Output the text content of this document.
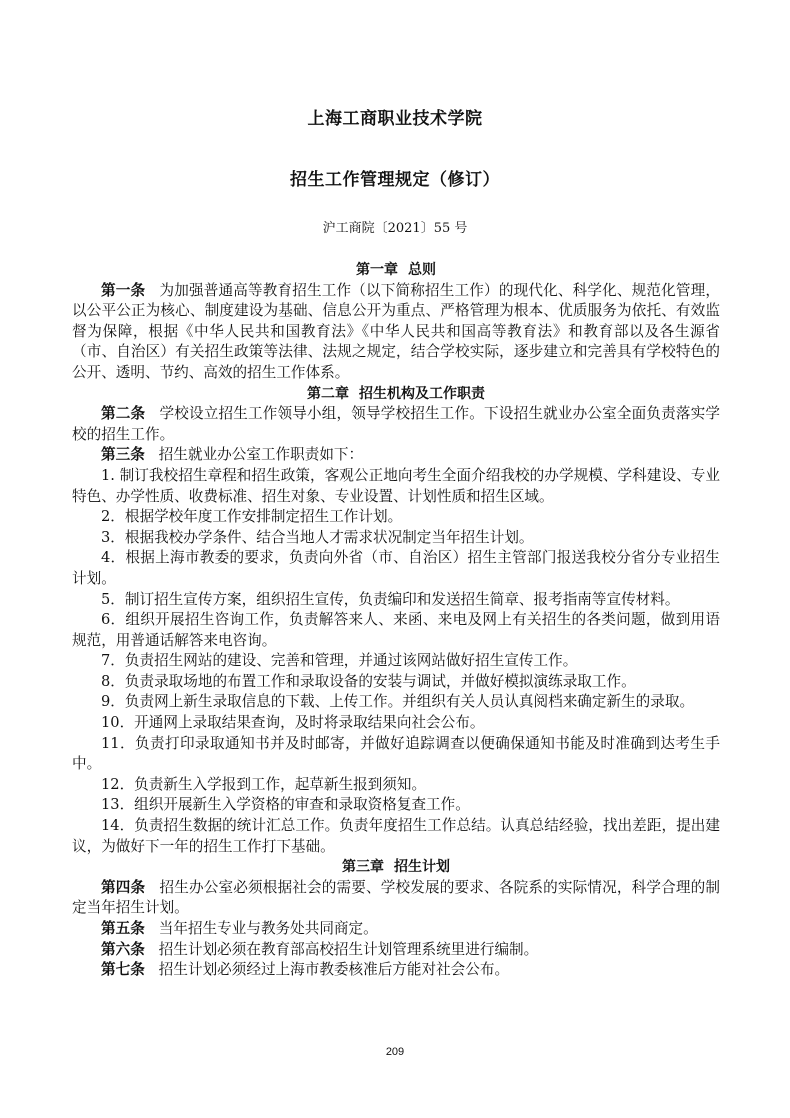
上海工商职业技术学院
招生工作管理规定（修订）
沪工商院〔2021〕55 号
第一章 总则

第一条 为加强普通高等教育招生工作（以下简称招生工作）的现代化、科学化、规范化管理，以公平公正为核心、制度建设为基础、信息公开为重点、严格管理为根本、优质服务为依托、有效监督为保障，根据《中华人民共和国教育法》《中华人民共和国高等教育法》和教育部以及各生源省（市、自治区）有关招生政策等法律、法规之规定，结合学校实际，逐步建立和完善具有学校特色的公开、透明、节约、高效的招生工作体系。

第二章 招生机构及工作职责

第二条 学校设立招生工作领导小组，领导学校招生工作。下设招生就业办公室全面负责落实学校的招生工作。

第三条 招生就业办公室工作职责如下：

1. 制订我校招生章程和招生政策，客观公正地向考生全面介绍我校的办学规模、学科建设、专业特色、办学性质、收费标准、招生对象、专业设置、计划性质和招生区域。

2．根据学校年度工作安排制定招生工作计划。

3．根据我校办学条件、结合当地人才需求状况制定当年招生计划。

4．根据上海市教委的要求，负责向外省（市、自治区）招生主管部门报送我校分省分专业招生计划。

5．制订招生宣传方案，组织招生宣传，负责编印和发送招生简章、报考指南等宣传材料。

6．组织开展招生咨询工作，负责解答来人、来函、来电及网上有关招生的各类问题，做到用语规范，用普通话解答来电咨询。

7．负责招生网站的建设、完善和管理，并通过该网站做好招生宣传工作。

8．负责录取场地的布置工作和录取设备的安装与调试，并做好模拟演练录取工作。

9．负责网上新生录取信息的下载、上传工作。并组织有关人员认真阅档来确定新生的录取。

10．开通网上录取结果查询，及时将录取结果向社会公布。

11．负责打印录取通知书并及时邮寄，并做好追踪调查以便确保通知书能及时准确到达考生手中。

12．负责新生入学报到工作，起草新生报到须知。

13．组织开展新生入学资格的审查和录取资格复查工作。

14．负责招生数据的统计汇总工作。负责年度招生工作总结。认真总结经验，找出差距，提出建议，为做好下一年的招生工作打下基础。

第三章 招生计划

第四条 招生办公室必须根据社会的需要、学校发展的要求、各院系的实际情况，科学合理的制定当年招生计划。

第五条 当年招生专业与教务处共同商定。

第六条 招生计划必须在教育部高校招生计划管理系统里进行编制。

第七条 招生计划必须经过上海市教委核准后方能对社会公布。

209
